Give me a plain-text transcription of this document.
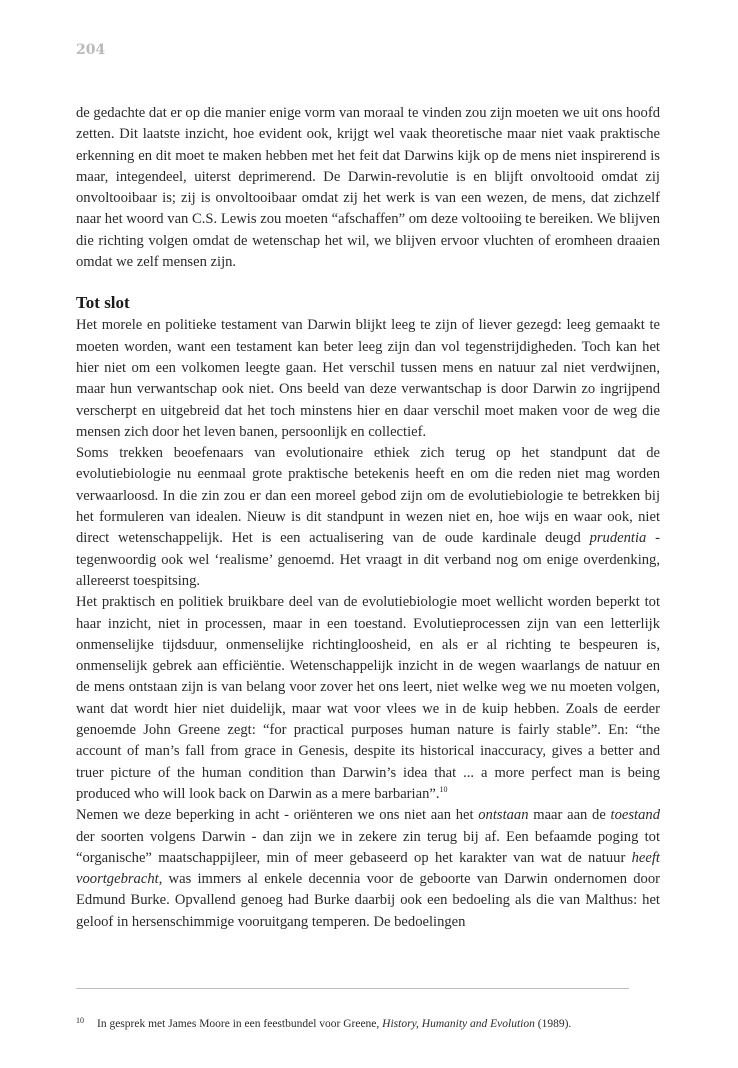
204

de gedachte dat er op die manier enige vorm van moraal te vinden zou zijn moeten we uit ons hoofd zetten. Dit laatste inzicht, hoe evident ook, krijgt wel vaak theoretische maar niet vaak praktische erkenning en dit moet te maken hebben met het feit dat Darwins kijk op de mens niet inspirerend is maar, integendeel, uiterst deprimerend. De Darwin-revolutie is en blijft onvoltooid omdat zij onvoltooibaar is; zij is onvoltooibaar omdat zij het werk is van een wezen, de mens, dat zichzelf naar het woord van C.S. Lewis zou moeten “afschaffen” om deze voltooiing te bereiken. We blijven die richting volgen omdat de wetenschap het wil, we blijven ervoor vluchten of eromheen draaien omdat we zelf mensen zijn.

Tot slot

Het morele en politieke testament van Darwin blijkt leeg te zijn of liever gezegd: leeg gemaakt te moeten worden, want een testament kan beter leeg zijn dan vol tegenstrijdigheden. Toch kan het hier niet om een volkomen leegte gaan. Het verschil tussen mens en natuur zal niet verdwijnen, maar hun verwantschap ook niet. Ons beeld van deze verwantschap is door Darwin zo ingrijpend verscherpt en uitgebreid dat het toch minstens hier en daar verschil moet maken voor de weg die mensen zich door het leven banen, persoonlijk en collectief.

Soms trekken beoefenaars van evolutionaire ethiek zich terug op het standpunt dat de evolutiebiologie nu eenmaal grote praktische betekenis heeft en om die reden niet mag worden verwaarloosd. In die zin zou er dan een moreel gebod zijn om de evolutiebiologie te betrekken bij het formuleren van idealen. Nieuw is dit standpunt in wezen niet en, hoe wijs en waar ook, niet direct wetenschappelijk. Het is een actualisering van de oude kardinale deugd prudentia - tegenwoordig ook wel ‘realisme’ genoemd. Het vraagt in dit verband nog om enige overdenking, allereerst toespitsing.

Het praktisch en politiek bruikbare deel van de evolutiebiologie moet wellicht worden beperkt tot haar inzicht, niet in processen, maar in een toestand. Evolutieprocessen zijn van een letterlijk onmenselijke tijdsduur, onmenselijke richtingloosheid, en als er al richting te bespeuren is, onmenselijk gebrek aan efficiëntie. Wetenschappelijk inzicht in de wegen waarlangs de natuur en de mens ontstaan zijn is van belang voor zover het ons leert, niet welke weg we nu moeten volgen, want dat wordt hier niet duidelijk, maar wat voor vlees we in de kuip hebben. Zoals de eerder genoemde John Greene zegt: “for practical purposes human nature is fairly stable”. En: “the account of man’s fall from grace in Genesis, despite its historical inaccuracy, gives a better and truer picture of the human condition than Darwin’s idea that ... a more perfect man is being produced who will look back on Darwin as a mere barbarian”.$^{10}$

Nemen we deze beperking in acht - oriënteren we ons niet aan het ontstaan maar aan de toestand der soorten volgens Darwin - dan zijn we in zekere zin terug bij af. Een befaamde poging tot “organische” maatschappijleer, min of meer gebaseerd op het karakter van wat de natuur heeft voortgebracht, was immers al enkele decennia voor de geboorte van Darwin ondernomen door Edmund Burke. Opvallend genoeg had Burke daarbij ook een bedoeling als die van Malthus: het geloof in hersenschimmige vooruitgang temperen. De bedoelingen

10 In gesprek met James Moore in een feestbundel voor Greene, History, Humanity and Evolution (1989).
